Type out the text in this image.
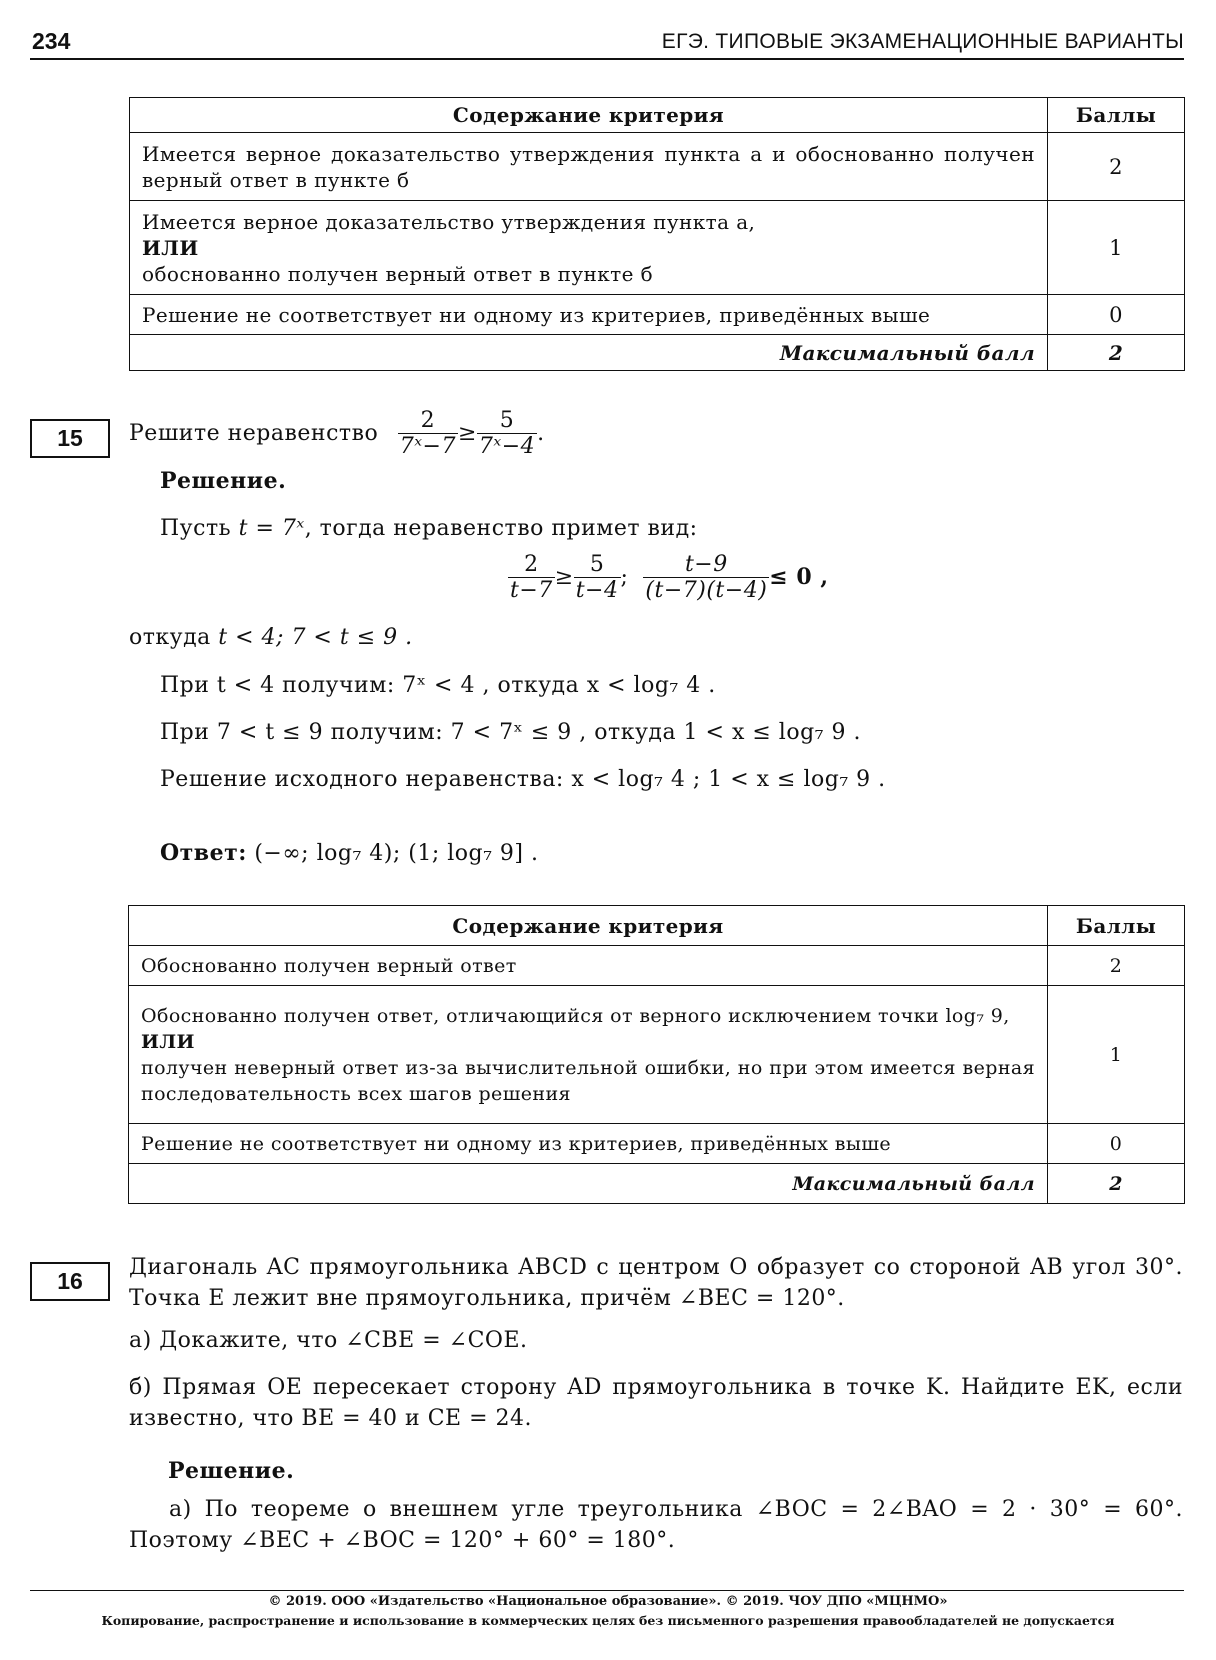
234	ЕГЭ. ТИПОВЫЕ ЭКЗАМЕНАЦИОННЫЕ ВАРИАНТЫ
Содержание критерия	Баллы
Имеется верное доказательство утверждения пункта а и обоснованно получен верный ответ в пункте б	2

Имеется верное доказательство утверждения пункта а,
ИЛИ
обоснованно получен верный ответ в пункте б	1
Решение не соответствует ни одному из критериев, приведённых выше	0
Максимальный балл	2
15	Решите неравенство $\frac{2}{\text{7ˣ−7}} \ge \frac{5}{\text{7ˣ−4}}$ .
Решение.
Пусть t = 7ˣ, тогда неравенство примет вид:
$\frac{2}{t-7} \ge \frac{5}{t-4}$ ; $\frac{t-9}{(t-7)(t-4)} \le 0$ ,
откуда t < 4; 7 < t ≤ 9 .
При t < 4 получим: 7ˣ < 4 , откуда x < log₇ 4 .
При 7 < t ≤ 9 получим: 7 < 7ˣ ≤ 9 , откуда 1 < x ≤ log₇ 9 .
Решение исходного неравенства: x < log₇ 4 ; 1 < x ≤ log₇ 9 .
Ответ: (−∞; log₇ 4); (1; log₇ 9] .
Содержание критерия	Баллы
Обоснованно получен верный ответ	2

Обоснованно получен ответ, отличающийся от верного исключением точки log₇ 9,
ИЛИ
получен неверный ответ из-за вычислительной ошибки, но при этом имеется верная последовательность всех шагов решения	1
Решение не соответствует ни одному из критериев, приведённых выше	0
Максимальный балл	2
16
Диагональ AC прямоугольника ABCD с центром O образует со стороной AB угол 30°. Точка E лежит вне прямоугольника, причём ∠BEC = 120°.
а) Докажите, что ∠CBE = ∠COE.
б) Прямая OE пересекает сторону AD прямоугольника в точке K. Найдите EK, если известно, что BE = 40 и CE = 24.
Решение.
а) По теореме о внешнем угле треугольника ∠BOC = 2∠BAO = 2 · 30° = 60°. Поэтому ∠BEC + ∠BOC = 120° + 60° = 180°.
© 2019. ООО «Издательство «Национальное образование». © 2019. ЧОУ ДПО «МЦНМО»
Копирование, распространение и использование в коммерческих целях без письменного разрешения правообладателей не допускается
